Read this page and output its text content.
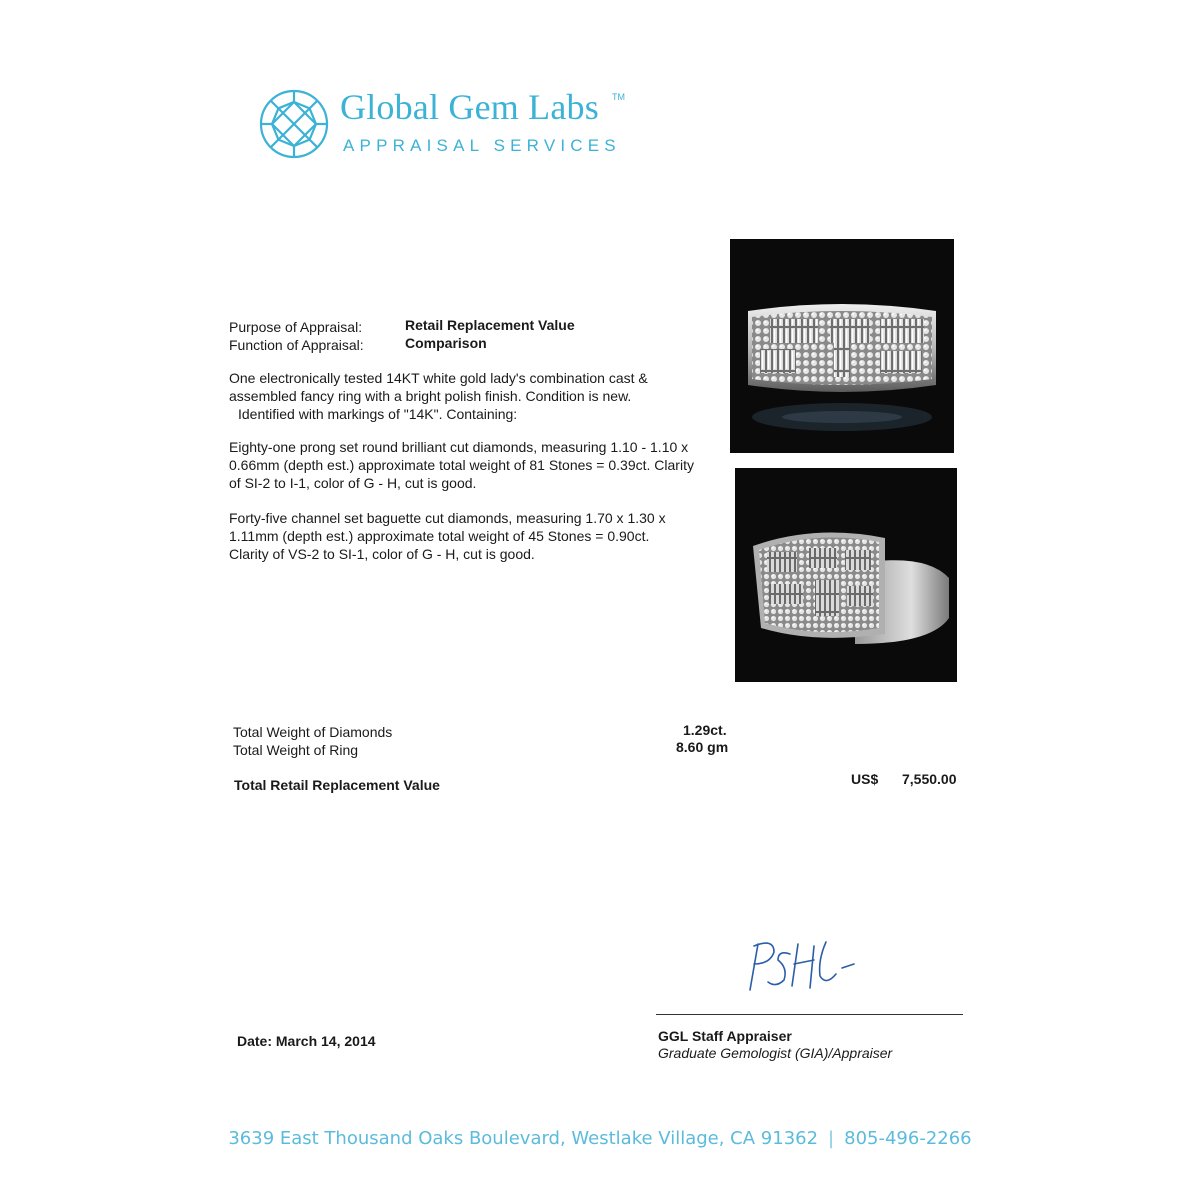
Global Gem Labs TM
APPRAISAL SERVICES
Purpose of Appraisal:	Retail Replacement Value
Function of Appraisal:	Comparison
One electronically tested 14KT white gold lady's combination cast & assembled fancy ring with a bright polish finish. Condition is new.
Identified with markings of "14K". Containing:
Eighty-one prong set round brilliant cut diamonds, measuring 1.10 - 1.10 x 0.66mm (depth est.) approximate total weight of 81 Stones = 0.39ct. Clarity of SI-2 to I-1, color of G - H, cut is good.
Forty-five channel set baguette cut diamonds, measuring 1.70 x 1.30 x 1.11mm (depth est.) approximate total weight of 45 Stones = 0.90ct. Clarity of VS-2 to SI-1, color of G - H, cut is good.
Total Weight of Diamonds	1.29ct.
Total Weight of Ring	8.60 gm
Total Retail Replacement Value	US$ 7,550.00
Date: March 14, 2014	GGL Staff Appraiser
Graduate Gemologist (GIA)/Appraiser
3639 East Thousand Oaks Boulevard, Westlake Village, CA 91362 | 805-496-2266
